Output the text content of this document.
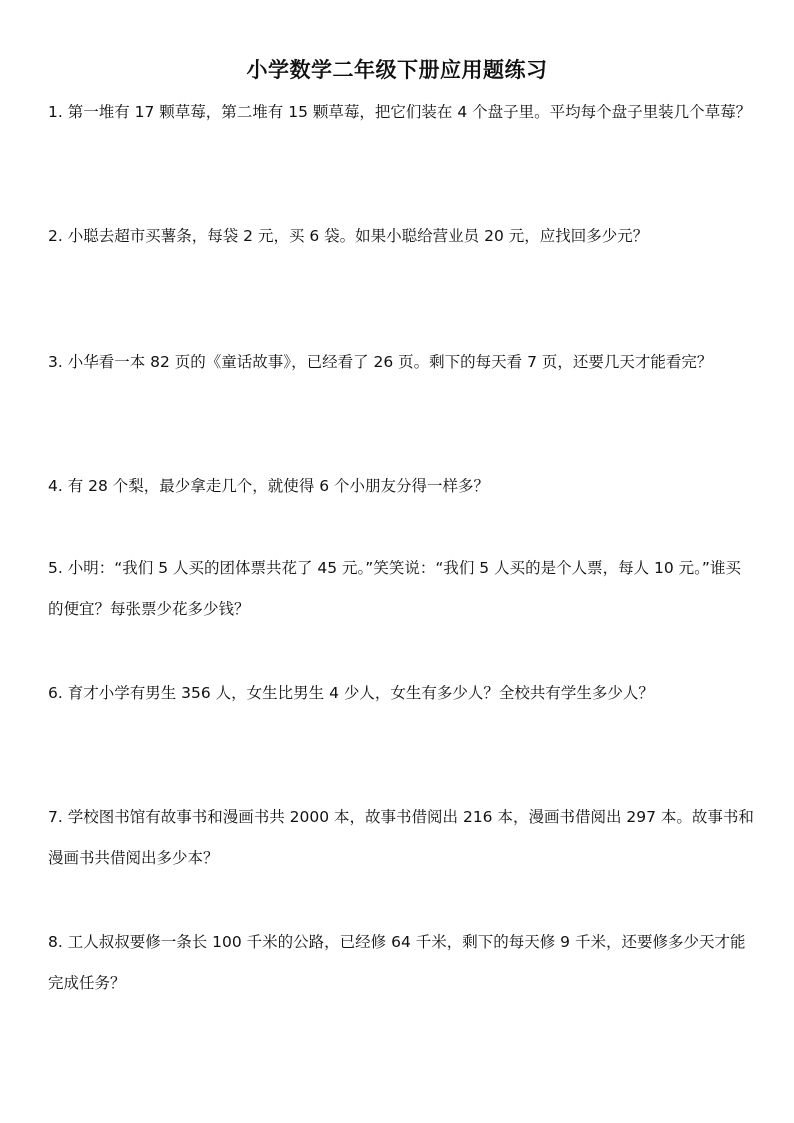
小学数学二年级下册应用题练习

1. 第一堆有 17 颗草莓，第二堆有 15 颗草莓，把它们装在 4 个盘子里。平均每个盘子里装几个草莓？

2. 小聪去超市买薯条，每袋 2 元，买 6 袋。如果小聪给营业员 20 元，应找回多少元？

3. 小华看一本 82 页的《童话故事》，已经看了 26 页。剩下的每天看 7 页，还要几天才能看完？

4. 有 28 个梨，最少拿走几个，就使得 6 个小朋友分得一样多？

5. 小明：“我们 5 人买的团体票共花了 45 元。”笑笑说：“我们 5 人买的是个人票，每人 10 元。”谁买的便宜？每张票少花多少钱？

6. 育才小学有男生 356 人，女生比男生 4 少人，女生有多少人？全校共有学生多少人？

7. 学校图书馆有故事书和漫画书共 2000 本，故事书借阅出 216 本，漫画书借阅出 297 本。故事书和漫画书共借阅出多少本？

8. 工人叔叔要修一条长 100 千米的公路，已经修 64 千米，剩下的每天修 9 千米，还要修多少天才能完成任务？
